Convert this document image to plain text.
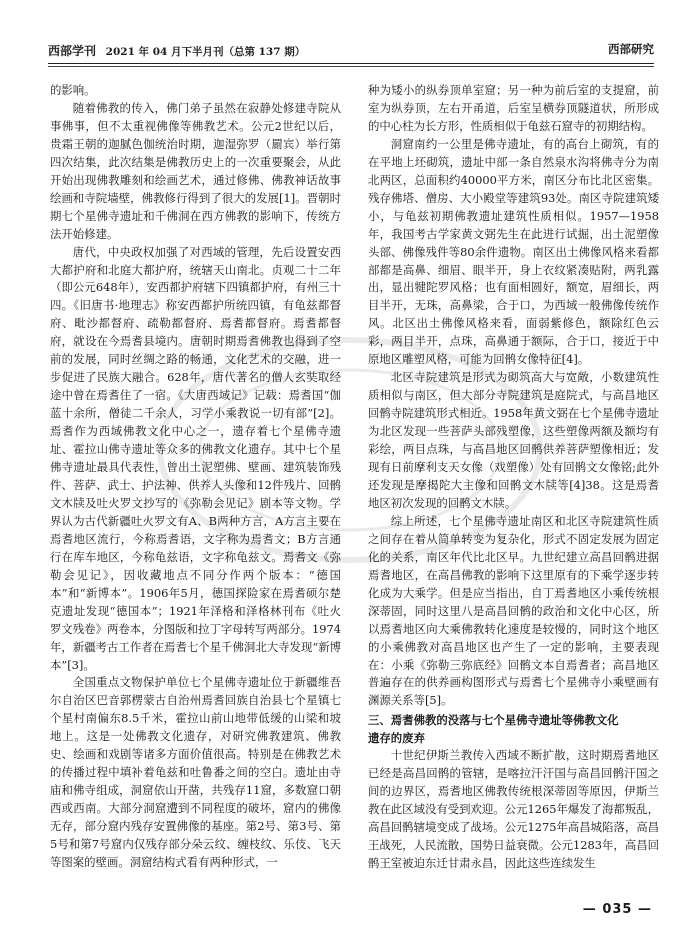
西部学刊 2021 年 04 月下半月刊（总第 137 期）	西部研究

的影响。

随着佛教的传入，佛门弟子虽然在寂静处修建寺院从事佛事，但不太重视佛像等佛教艺术。公元2世纪以后，贵霜王朝的迦腻色伽统治时期，迦湿弥罗（罽宾）举行第四次结集，此次结集是佛教历史上的一次重要聚会，从此开始出现佛教雕刻和绘画艺术，通过修佛、佛教神话故事绘画和寺院墙壁，佛教修行得到了很大的发展[1]。晋朝时期七个星佛寺遗址和千佛洞在西方佛教的影响下，传统方法开始修建。

唐代，中央政权加强了对西域的管理，先后设置安西大都护府和北庭大都护府，统辖天山南北。贞观二十二年（即公元648年），安西都护府辖下四镇都护府，有州三十四。《旧唐书·地理志》称安西都护所统四镇，有龟兹都督府、毗沙都督府、疏勒都督府、焉耆都督府。焉耆都督府，就设在今焉耆县境内。唐朝时期焉耆佛教也得到了空前的发展，同时丝绸之路的畅通，文化艺术的交融，进一步促进了民族大融合。628年，唐代著名的僧人玄奘取经途中曾在焉耆住了一宿。《大唐西域记》记载：焉耆国“伽蓝十余所，僧徒二千余人，习学小乘教说一切有部”[2]。焉耆作为西域佛教文化中心之一，遗存着七个星佛寺遗址、霍拉山佛寺遗址等众多的佛教文化遗存。其中七个星佛寺遗址最具代表性，曾出土泥塑佛、壁画、建筑装饰残件、菩萨、武士、护法神、供养人头像和12件残片、回鹘文木牍及吐火罗文抄写的《弥勒会见记》剧本等文物。学界认为古代新疆吐火罗文有A、B两种方言，A方言主要在焉耆地区流行，今称焉耆语，文字称为焉耆文；B方言通行在库车地区，今称龟兹语，文字称龟兹文。焉耆文《弥勒会见记》，因收藏地点不同分作两个版本：“德国本”和“新博本”。1906年5月，德国探险家在焉耆硕尔楚克遗址发现“德国本”；1921年泽格和泽格林刊布《吐火罗文残卷》两卷本，分图版和拉丁字母转写两部分。1974年，新疆考古工作者在焉耆七个星千佛洞北大寺发现“新博本”[3]。

全国重点文物保护单位七个星佛寺遗址位于新疆维吾尔自治区巴音郭楞蒙古自治州焉耆回族自治县七个星镇七个星村南偏东8.5千米，霍拉山前山地带低缓的山梁和坡地上。这是一处佛教文化遗存，对研究佛教建筑、佛教史、绘画和戏剧等诸多方面价值很高。特别是在佛教艺术的传播过程中填补着龟兹和吐鲁番之间的空白。遗址由寺庙和佛寺组成，洞窟依山开凿，共残存11窟，多数窟口朝西或西南。大部分洞窟遭到不同程度的破坏，窟内的佛像无存，部分窟内残存安置佛像的基座。第2号、第3号、第5号和第7号窟内仅残存部分朵云纹、缠枝纹、乐伎、飞天等图案的壁画。洞窟结构式看有两种形式，一

种为矮小的纵券顶单室窟；另一种为前后室的支提窟，前室为纵券顶，左右开甬道，后室呈横券顶隧道状，所形成的中心柱为长方形，性质相似于龟兹石窟寺的初期结构。

洞窟南约一公里是佛寺遗址，有的高台上砌筑，有的在平地上坯砌筑，遗址中部一条自然泉水沟将佛寺分为南北两区，总面积约40000平方米，南区分布比北区密集。残存佛塔、僧房、大小殿堂等建筑93处。南区寺院建筑矮小，与龟兹初期佛教遗址建筑性质相似。1957—1958年，我国考古学家黄文弼先生在此进行试掘，出土泥塑像头部、佛像残件等80余件遗物。南区出土佛像风格来看都部都是高鼻、细眉、眼半开，身上衣纹紧凑贴附，两乳露出，显出犍陀罗风格；也有面相圆好，额宽，眉细长，两目半开，无珠，高鼻梁，合于口，为西域一般佛像传统作风。北区出土佛像风格来看，面弱紫修色，额除红色云彩，两目半开，点珠，高鼻通于额际，合于口，接近于中原地区雕塑风格，可能为回鹘女像特征[4]。

北区寺院建筑是形式为砌筑高大与宽敞，小数建筑性质相似与南区，但大部分寺院建筑是庭院式，与高昌地区回鹘寺院建筑形式相近。1958年黄文弼在七个星佛寺遗址为北区发现一些菩萨头部残塑像，这些塑像两额及额均有彩绘，两目点珠，与高昌地区回鹘供养菩萨塑像相近；发现有日前摩利支天女像（戏塑像）处有回鹘文女像铭;此外还发现是摩揭陀大主像和回鹘文木牍等[4]38。这是焉耆地区初次发现的回鹘文木牍。

综上所述，七个星佛寺遗址南区和北区寺院建筑性质之间存在着从简单转变为复杂化，形式不固定发展为固定化的关系，南区年代比北区早。九世纪建立高昌回鹘进据焉耆地区，在高昌佛教的影响下这里原有的下乘学逐步转化成为大乘学。但是应当指出，自丁焉耆地区小乘传统根深蒂固，同时这里八是高昌回鹘的政治和文化中心区，所以焉耆地区向大乘佛教转化速度是较慢的，同时这个地区的小乘佛教对高昌地区也产生了一定的影响，主要表现在：小乘《弥勒三弥底经》回鹘文本自焉耆者；高昌地区普遍存在的供养画构图形式与焉耆七个星佛寺小乘壁画有渊源关系等[5]。

三、焉耆佛教的没落与七个星佛寺遗址等佛教文化

遗存的废弃

十世纪伊斯兰教传入西域不断扩散，这时期焉耆地区已经是高昌回鹘的管辖，是喀拉汗汗国与高昌回鹘汗国之间的边界区，焉耆地区佛教传统根深蒂固等原因，伊斯兰教在此区域没有受到欢迎。公元1265年爆发了海都叛乱，高昌回鹘辖境变成了战场。公元1275年高昌城陷落，高昌王战死，人民流散，国势日益衰微。公元1283年，高昌回鹘王室被迫东迁甘肃永昌，因此这些连续发生

— 035 —
